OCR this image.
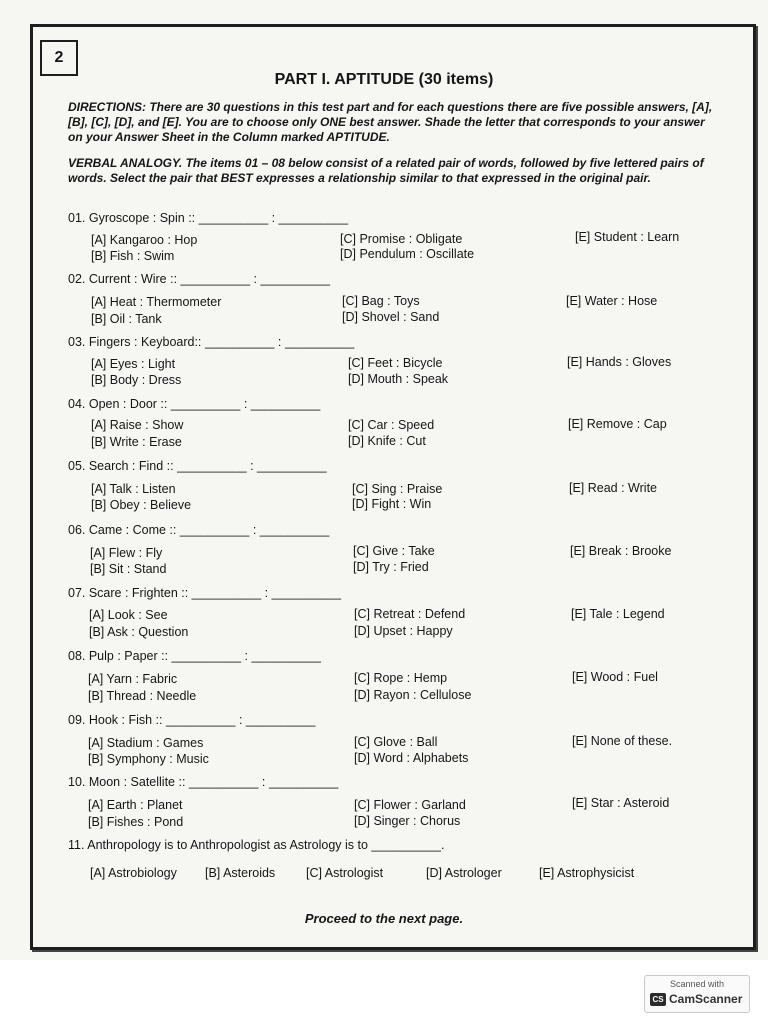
2
PART I. APTITUDE (30 items)
DIRECTIONS: There are 30 questions in this test part and for each questions there are five possible answers, [A], [B], [C], [D], and [E]. You are to choose only ONE best answer. Shade the letter that corresponds to your answer on your Answer Sheet in the Column marked APTITUDE.
VERBAL ANALOGY. The items 01 – 08 below consist of a related pair of words, followed by five lettered pairs of words. Select the pair that BEST expresses a relationship similar to that expressed in the original pair.
01. Gyroscope : Spin :: __________ : __________
[A] Kangaroo : Hop
[B] Fish : Swim
[C] Promise : Obligate
[D] Pendulum : Oscillate
[E] Student : Learn
02. Current : Wire :: __________ : __________
[A] Heat : Thermometer
[B] Oil : Tank
[C] Bag : Toys
[D] Shovel : Sand
[E] Water : Hose
03. Fingers : Keyboard:: __________ : __________
[A] Eyes : Light
[B] Body : Dress
[C] Feet : Bicycle
[D] Mouth : Speak
[E] Hands : Gloves
04. Open : Door :: __________ : __________
[A] Raise : Show
[B] Write : Erase
[C] Car : Speed
[D] Knife : Cut
[E] Remove : Cap
05. Search : Find :: __________ : __________
[A] Talk : Listen
[B] Obey : Believe
[C] Sing : Praise
[D] Fight : Win
[E] Read : Write
06. Came : Come :: __________ : __________
[A] Flew : Fly
[B] Sit : Stand
[C] Give : Take
[D] Try : Fried
[E] Break : Brooke
07. Scare : Frighten :: __________ : __________
[A] Look : See
[B] Ask : Question
[C] Retreat : Defend
[D] Upset : Happy
[E] Tale : Legend
08. Pulp : Paper :: __________ : __________
[A] Yarn : Fabric
[B] Thread : Needle
[C] Rope : Hemp
[D] Rayon : Cellulose
[E] Wood : Fuel
09. Hook : Fish :: __________ : __________
[A] Stadium : Games
[B] Symphony : Music
[C] Glove : Ball
[D] Word : Alphabets
[E] None of these.
10. Moon : Satellite :: __________ : __________
[A] Earth : Planet
[B] Fishes : Pond
[C] Flower : Garland
[D] Singer : Chorus
[E] Star : Asteroid
11. Anthropology is to Anthropologist as Astrology is to __________.
[A] Astrobiology [B] Asteroids [C] Astrologist	[D] Astrologer	[E] Astrophysicist
Proceed to the next page.
Scanned with
CS CamScanner
